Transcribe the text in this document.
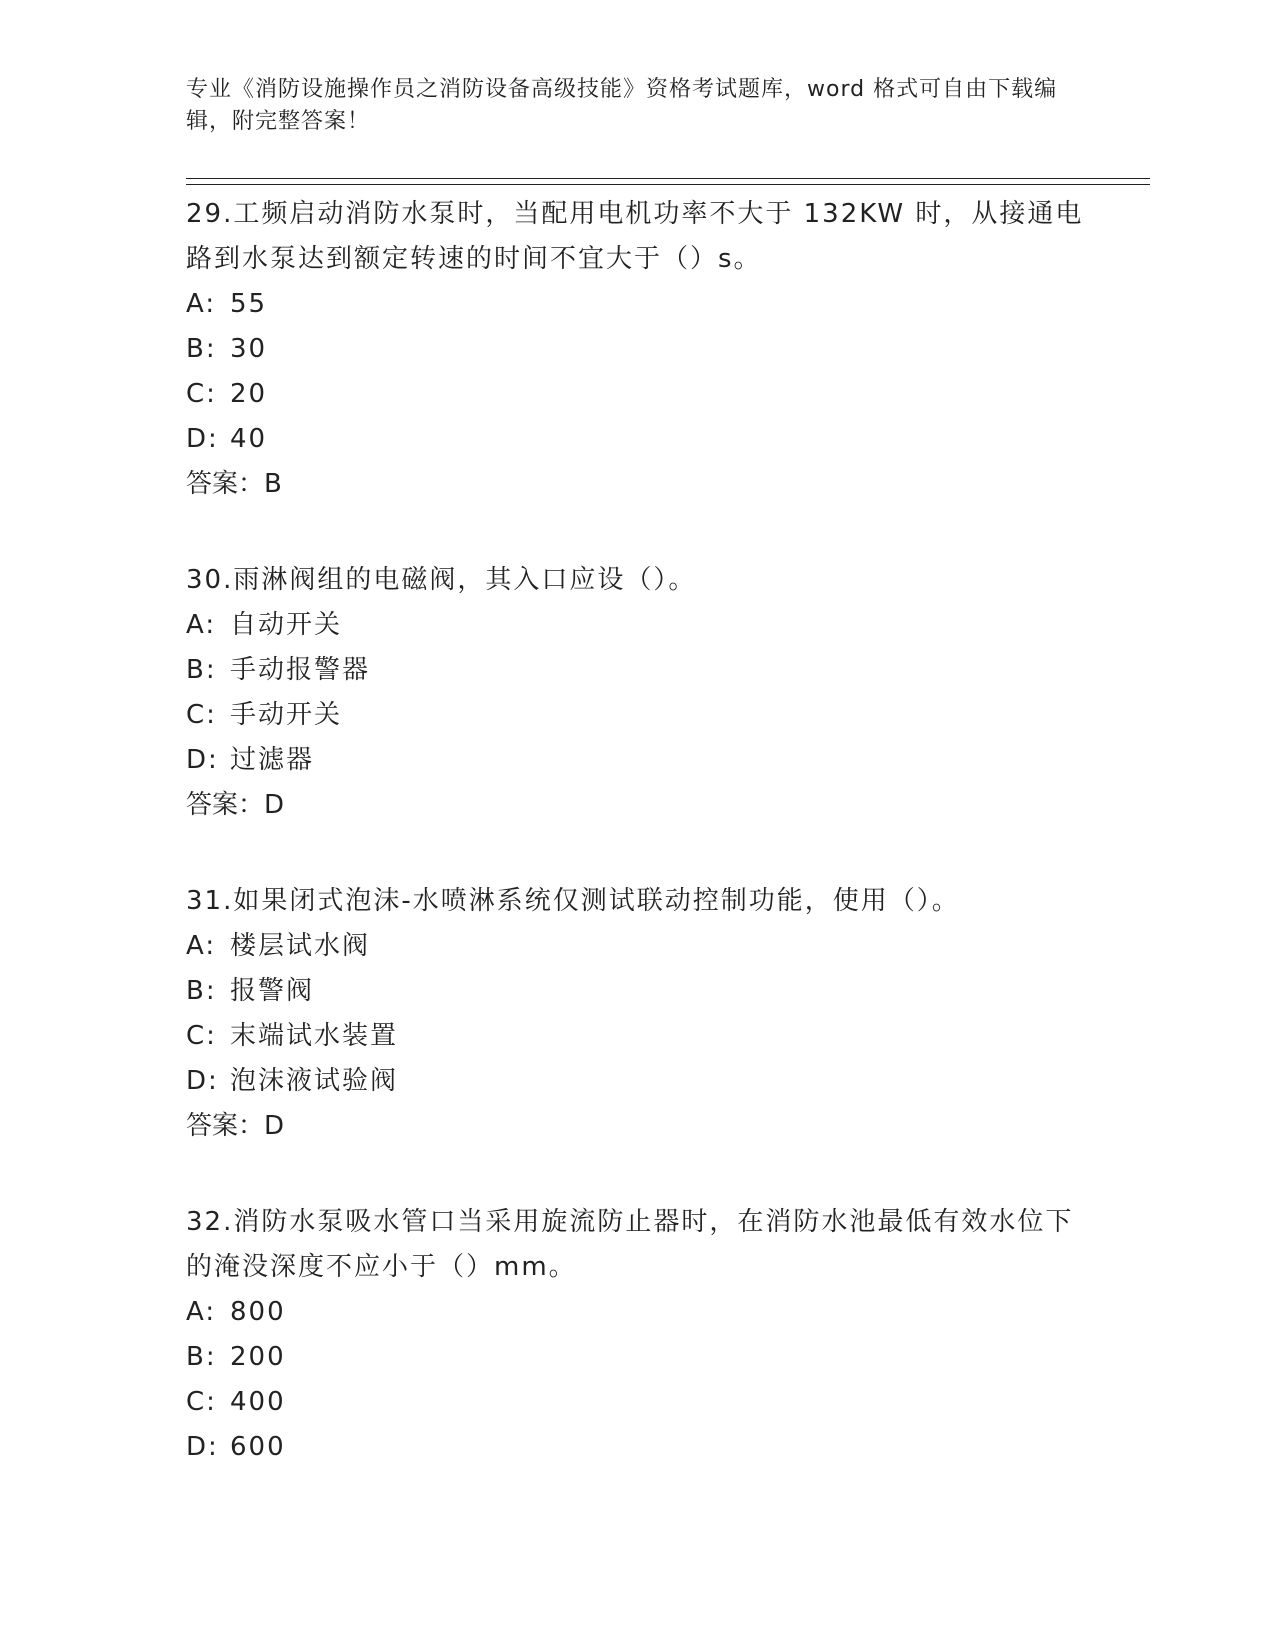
专业《消防设施操作员之消防设备高级技能》资格考试题库，word 格式可自由下载编辑，附完整答案！

29.工频启动消防水泵时，当配用电机功率不大于 132KW 时，从接通电路到水泵达到额定转速的时间不宜大于（）s。

A: 55

B: 30

C: 20

D: 40

答案：B

30.雨淋阀组的电磁阀，其入口应设（）。

A: 自动开关

B: 手动报警器

C: 手动开关

D: 过滤器

答案：D

31.如果闭式泡沫-水喷淋系统仅测试联动控制功能，使用（）。

A: 楼层试水阀

B: 报警阀

C: 末端试水装置

D: 泡沫液试验阀

答案：D

32.消防水泵吸水管口当采用旋流防止器时，在消防水池最低有效水位下的淹没深度不应小于（）mm。

A: 800

B: 200

C: 400

D: 600
